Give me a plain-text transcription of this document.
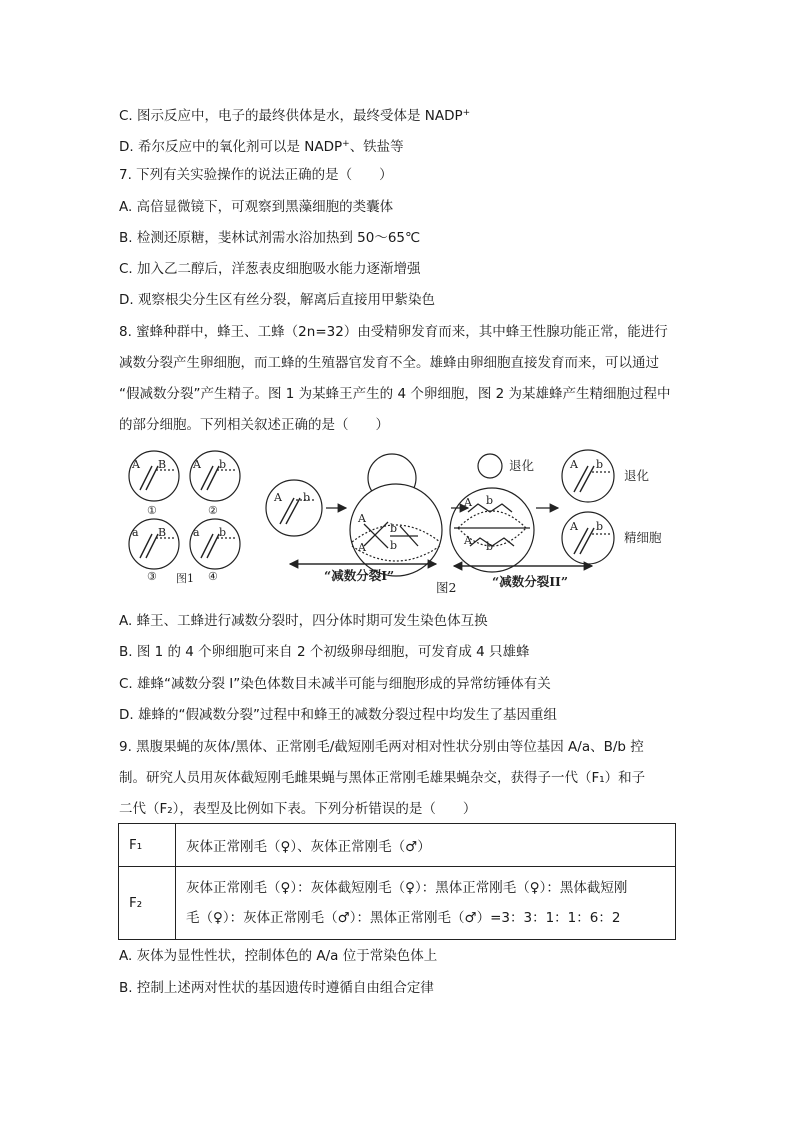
C. 图示反应中，电子的最终供体是水，最终受体是 NADP+
D. 希尔反应中的氧化剂可以是 NADP+、铁盐等
7. 下列有关实验操作的说法正确的是（　　）
A. 高倍显微镜下，可观察到黑藻细胞的类囊体
B. 检测还原糖，斐林试剂需水浴加热到 50～65℃
C. 加入乙二醇后，洋葱表皮细胞吸水能力逐渐增强
D. 观察根尖分生区有丝分裂，解离后直接用甲紫染色
8. 蜜蜂种群中，蜂王、工蜂（2n=32）由受精卵发育而来，其中蜂王性腺功能正常，能进行
减数分裂产生卵细胞，而工蜂的生殖器官发育不全。雄蜂由卵细胞直接发育而来，可以通过
“假减数分裂”产生精子。图 1 为某蜂王产生的 4 个卵细胞，图 2 为某雄蜂产生精细胞过程中
的部分细胞。下列相关叙述正确的是（　　）
A B A b
a B a b
①	②
③	④
图1
A b
A
A
b
b
A b
A b
A b
A b
退化
退化
精细胞
“减数分裂I”
图2	“减数分裂II”
A. 蜂王、工蜂进行减数分裂时，四分体时期可发生染色体互换
B. 图 1 的 4 个卵细胞可来自 2 个初级卵母细胞，可发育成 4 只雄蜂
C. 雄蜂“减数分裂 I”染色体数目未减半可能与细胞形成的异常纺锤体有关
D. 雄蜂的“假减数分裂”过程中和蜂王的减数分裂过程中均发生了基因重组
9. 黑腹果蝇的灰体/黑体、正常刚毛/截短刚毛两对相对性状分别由等位基因 A/a、B/b 控
制。研究人员用灰体截短刚毛雌果蝇与黑体正常刚毛雄果蝇杂交，获得子一代（F₁）和子
二代（F₂），表型及比例如下表。下列分析错误的是（　　）
F₁	灰体正常刚毛（♀）、灰体正常刚毛（♂）
F₂	灰体正常刚毛（♀）：灰体截短刚毛（♀）：黑体正常刚毛（♀）：黑体截短刚
毛（♀）：灰体正常刚毛（♂）：黑体正常刚毛（♂）=3：3：1：1：6：2
A. 灰体为显性性状，控制体色的 A/a 位于常染色体上
B. 控制上述两对性状的基因遗传时遵循自由组合定律
